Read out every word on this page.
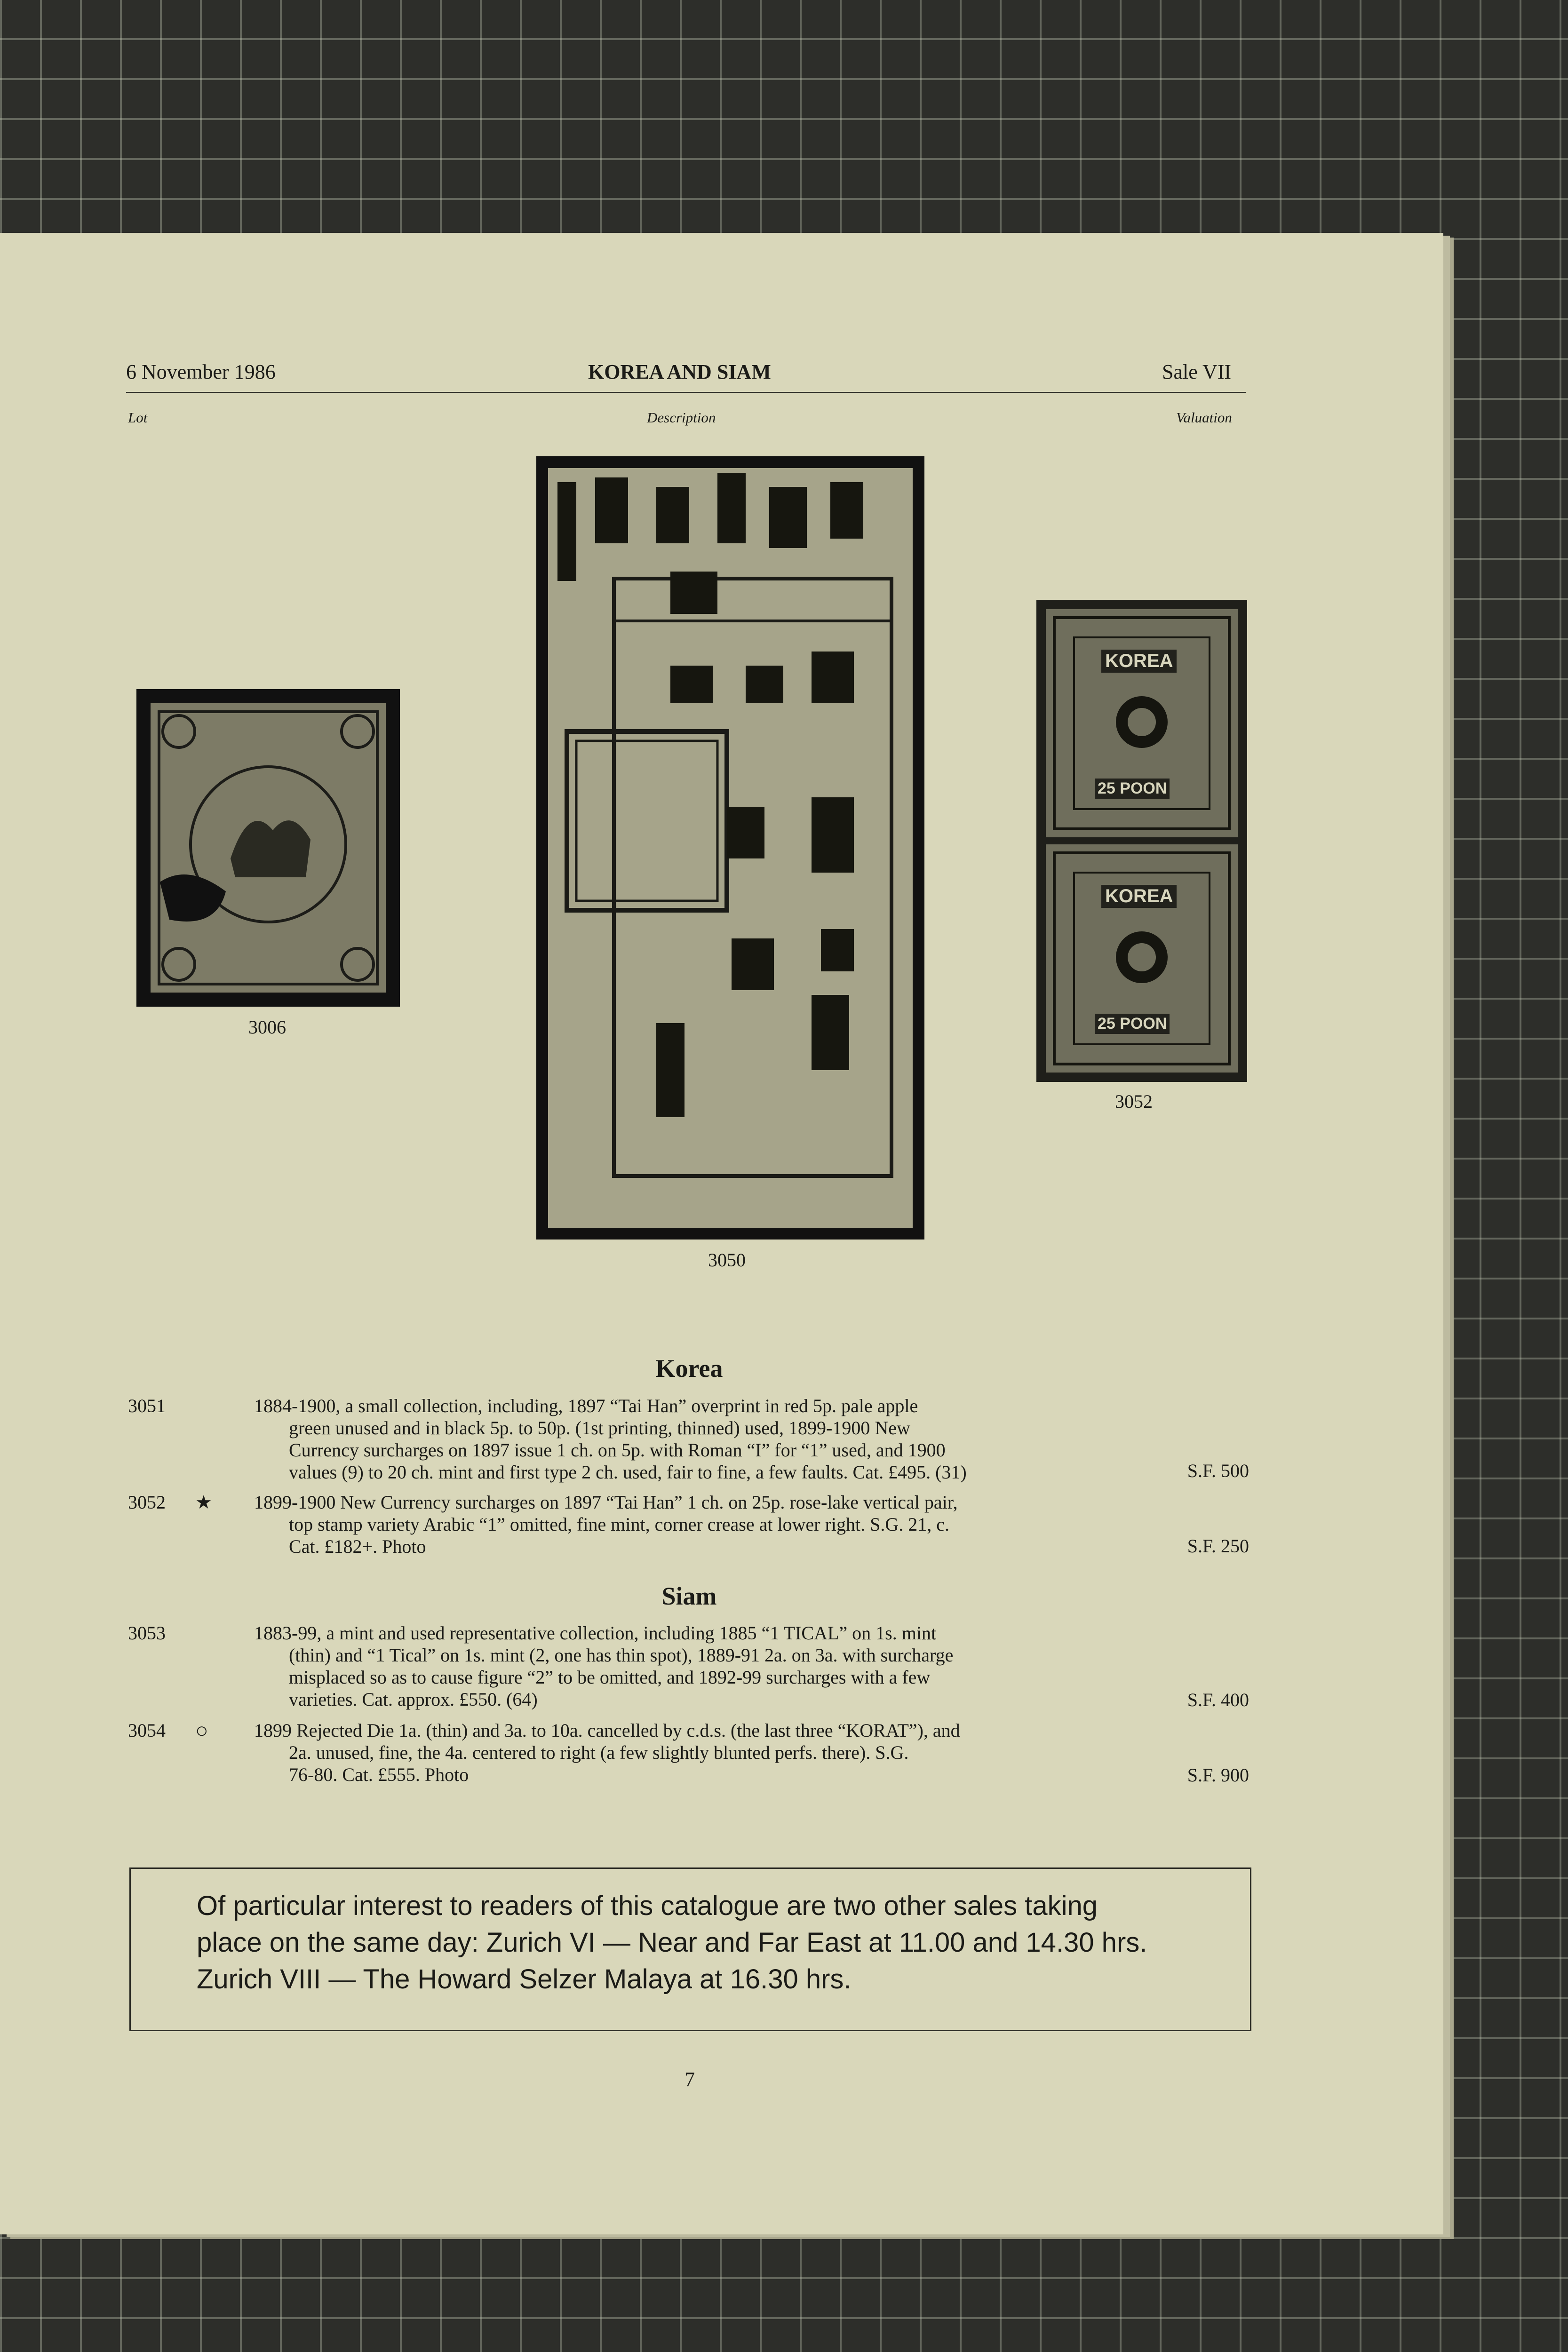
6 November 1986	KOREA AND SIAM	Sale VII
Lot	Description	Valuation
3006
3050
KOREA
25 POON
KOREA
25 POON
3052
Korea
3051	1884-1900, a small collection, including, 1897 “Tai Han” overprint in red 5p. pale apple
green unused and in black 5p. to 50p. (1st printing, thinned) used, 1899-1900 New
Currency surcharges on 1897 issue 1 ch. on 5p. with Roman “I” for “1” used, and 1900
values (9) to 20 ch. mint and first type 2 ch. used, fair to fine, a few faults. Cat. £495. (31)	S.F. 500
3052 ★ 1899-1900 New Currency surcharges on 1897 “Tai Han” 1 ch. on 25p. rose-lake vertical pair,
top stamp variety Arabic “1” omitted, fine mint, corner crease at lower right. S.G. 21, c.
Cat. £182+. Photo	S.F. 250
Siam
3053	1883-99, a mint and used representative collection, including 1885 “1 TICAL” on 1s. mint
(thin) and “1 Tical” on 1s. mint (2, one has thin spot), 1889-91 2a. on 3a. with surcharge
misplaced so as to cause figure “2” to be omitted, and 1892-99 surcharges with a few
varieties. Cat. approx. £550. (64)	S.F. 400
3054 ○ 1899 Rejected Die 1a. (thin) and 3a. to 10a. cancelled by c.d.s. (the last three “KORAT”), and
2a. unused, fine, the 4a. centered to right (a few slightly blunted perfs. there). S.G.
76-80. Cat. £555. Photo	S.F. 900
Of particular interest to readers of this catalogue are two other sales taking
place on the same day: Zurich VI — Near and Far East at 11.00 and 14.30 hrs.
Zurich VIII — The Howard Selzer Malaya at 16.30 hrs.
7
